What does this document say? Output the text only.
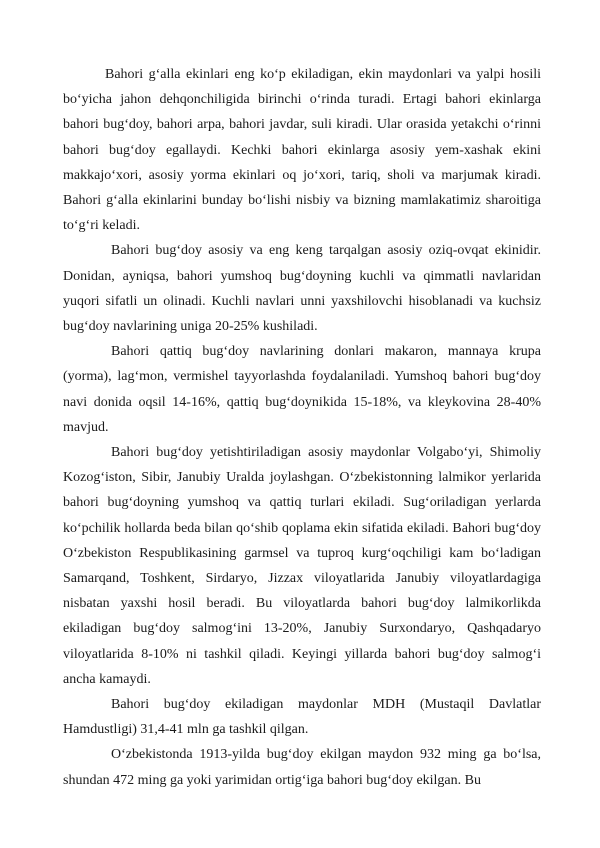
Bahori g‘alla ekinlari eng ko‘p ekiladigan, ekin maydonlari va yalpi hosili bo‘yicha jahon dehqonchiligida birinchi o‘rinda turadi. Ertagi bahori ekinlarga bahori bug‘doy, bahori arpa, bahori javdar, suli kiradi. Ular orasida yetakchi o‘rinni bahori bug‘doy egallaydi. Kechki bahori ekinlarga asosiy yem-xashak ekini makkajo‘xori, asosiy yorma ekinlari oq jo‘xori, tariq, sholi va marjumak kiradi. Bahori g‘alla ekinlarini bunday bo‘lishi nisbiy va bizning mamlakatimiz sharoitiga to‘g‘ri keladi.

Bahori bug‘doy asosiy va eng keng tarqalgan asosiy oziq-ovqat ekinidir. Donidan, ayniqsa, bahori yumshoq bug‘doyning kuchli va qimmatli navlaridan yuqori sifatli un olinadi. Kuchli navlari unni yaxshilovchi hisoblanadi va kuchsiz bug‘doy navlarining uniga 20-25% kushiladi.

Bahori qattiq bug‘doy navlarining donlari makaron, mannaya krupa (yorma), lag‘mon, vermishel tayyorlashda foydalaniladi. Yumshoq bahori bug‘doy navi donida oqsil 14-16%, qattiq bug‘doynikida 15-18%, va kleykovina 28-40% mavjud.

Bahori bug‘doy yetishtiriladigan asosiy maydonlar Volgabo‘yi, Shimoliy Kozog‘iston, Sibir, Janubiy Uralda joylashgan. O‘zbekistonning lalmikor yerlarida bahori bug‘doyning yumshoq va qattiq turlari ekiladi. Sug‘oriladigan yerlarda ko‘pchilik hollarda beda bilan qo‘shib qoplama ekin sifatida ekiladi. Bahori bug‘doy O‘zbekiston Respublikasining garmsel va tuproq kurg‘oqchiligi kam bo‘ladigan Samarqand, Toshkent, Sirdaryo, Jizzax viloyatlarida Janubiy viloyatlardagiga nisbatan yaxshi hosil beradi. Bu viloyatlarda bahori bug‘doy lalmikorlikda ekiladigan bug‘doy salmog‘ini 13-20%, Janubiy Surxondaryo, Qashqadaryo viloyatlarida 8-10% ni tashkil qiladi. Keyingi yillarda bahori bug‘doy salmog‘i ancha kamaydi.

Bahori bug‘doy ekiladigan maydonlar MDH (Mustaqil Davlatlar Hamdustligi) 31,4-41 mln ga tashkil qilgan.

O‘zbekistonda 1913-yilda bug‘doy ekilgan maydon 932 ming ga bo‘lsa, shundan 472 ming ga yoki yarimidan ortig‘iga bahori bug‘doy ekilgan. Bu
